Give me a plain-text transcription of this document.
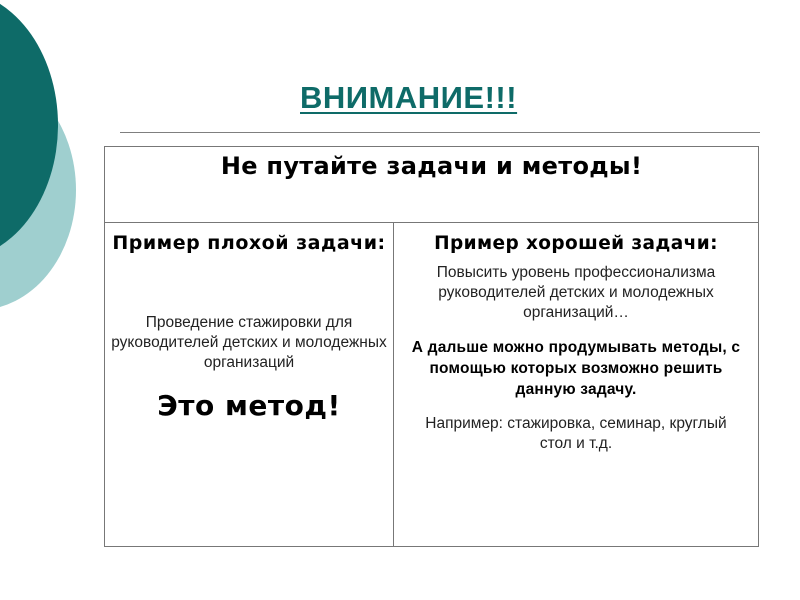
ВНИМАНИЕ!!!
Не путайте задачи и методы!
Пример плохой задачи:
Проведение стажировки для руководителей детских и молодежных организаций
Это метод!
Пример хорошей задачи:
Повысить уровень профессионализма руководителей детских и молодежных организаций…
А дальше можно продумывать методы, с помощью которых возможно решить данную задачу.
Например: стажировка, семинар, круглый стол и т.д.
